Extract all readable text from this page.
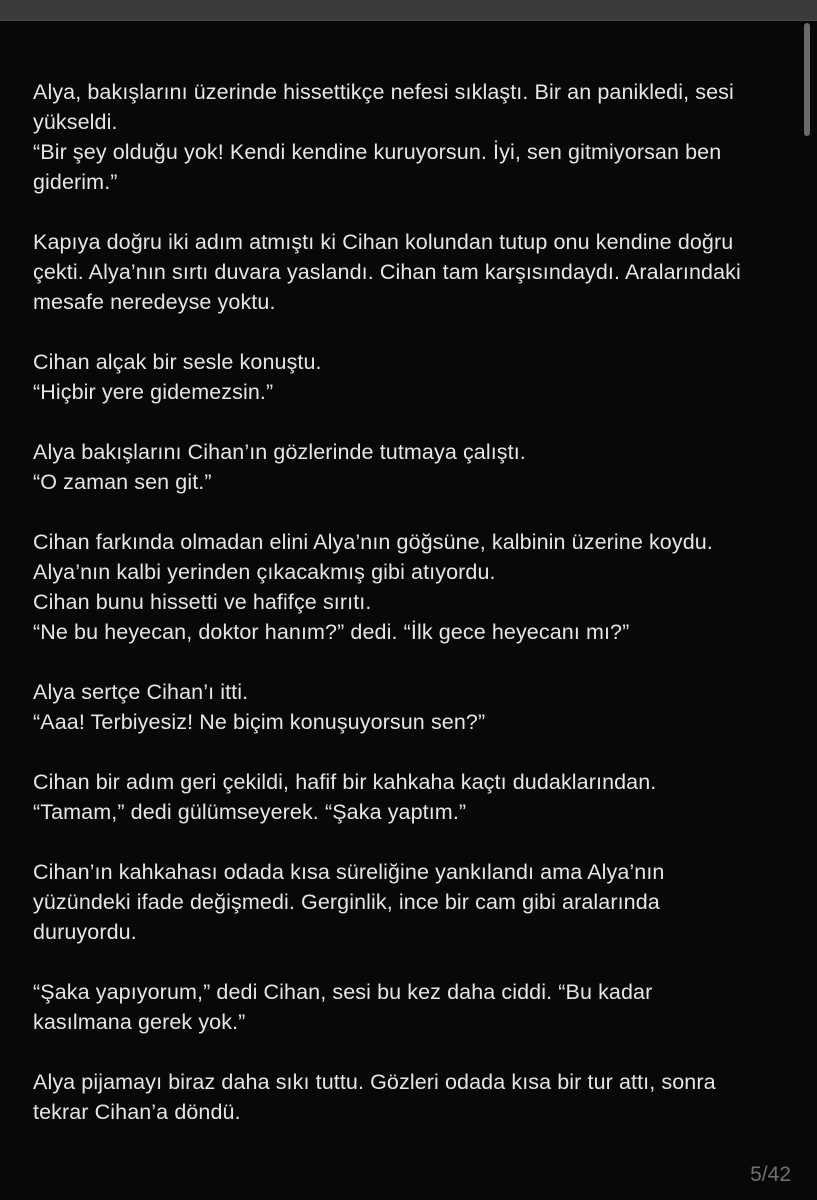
Alya, bakışlarını üzerinde hissettikçe nefesi sıklaştı. Bir an panikledi, sesi
yükseldi.
“Bir şey olduğu yok! Kendi kendine kuruyorsun. İyi, sen gitmiyorsan ben
giderim.”

Kapıya doğru iki adım atmıştı ki Cihan kolundan tutup onu kendine doğru
çekti. Alya’nın sırtı duvara yaslandı. Cihan tam karşısındaydı. Aralarındaki
mesafe neredeyse yoktu.

Cihan alçak bir sesle konuştu.
“Hiçbir yere gidemezsin.”

Alya bakışlarını Cihan’ın gözlerinde tutmaya çalıştı.
“O zaman sen git.”

Cihan farkında olmadan elini Alya’nın göğsüne, kalbinin üzerine koydu.
Alya’nın kalbi yerinden çıkacakmış gibi atıyordu.
Cihan bunu hissetti ve hafifçe sırıtı.
“Ne bu heyecan, doktor hanım?” dedi. “İlk gece heyecanı mı?”

Alya sertçe Cihan’ı itti.
“Aaa! Terbiyesiz! Ne biçim konuşuyorsun sen?”

Cihan bir adım geri çekildi, hafif bir kahkaha kaçtı dudaklarından.
“Tamam,” dedi gülümseyerek. “Şaka yaptım.”

Cihan’ın kahkahası odada kısa süreliğine yankılandı ama Alya’nın
yüzündeki ifade değişmedi. Gerginlik, ince bir cam gibi aralarında
duruyordu.

“Şaka yapıyorum,” dedi Cihan, sesi bu kez daha ciddi. “Bu kadar
kasılmana gerek yok.”

Alya pijamayı biraz daha sıkı tuttu. Gözleri odada kısa bir tur attı, sonra
tekrar Cihan’a döndü.

5/42
